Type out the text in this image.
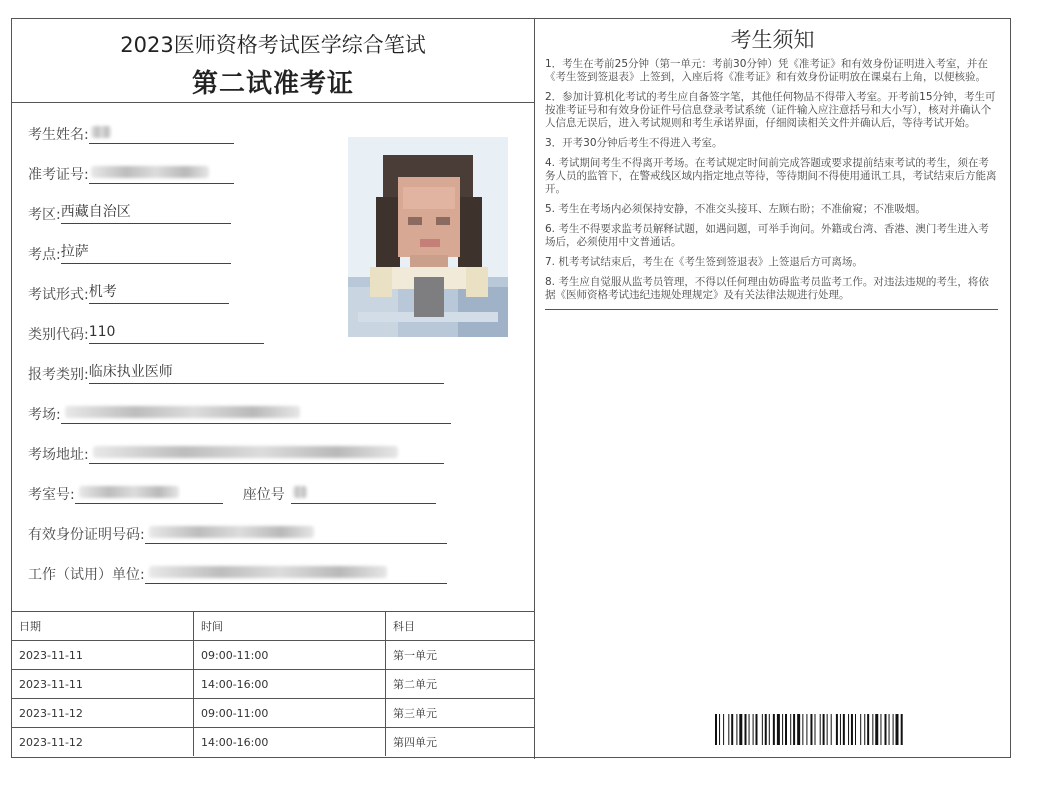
2023医师资格考试医学综合笔试
第二试准考证
考生姓名:
准考证号:
考区:西藏自治区
考点:拉萨
考试形式:机考
类别代码:110
报考类别:临床执业医师
考场:
考场地址:
考室号:	座位号
有效身份证明号码:
工作（试用）单位:
日期	时间	科目
2023-11-11	09:00-11:00	第一单元
2023-11-11	14:00-16:00	第二单元
2023-11-12	09:00-11:00	第三单元
2023-11-12	14:00-16:00	第四单元
考生须知

1．考生在考前25分钟（第一单元：考前30分钟）凭《准考证》和有效身份证明进入考室，并在《考生签到签退表》上签到，入座后将《准考证》和有效身份证明放在课桌右上角，以便核验。

2．参加计算机化考试的考生应自备签字笔，其他任何物品不得带入考室。开考前15分钟，考生可按准考证号和有效身份证件号信息登录考试系统（证件输入应注意括号和大小写），核对并确认个人信息无误后，进入考试规则和考生承诺界面，仔细阅读相关文件并确认后，等待考试开始。

3．开考30分钟后考生不得进入考室。

4. 考试期间考生不得离开考场。在考试规定时间前完成答题或要求提前结束考试的考生，须在考务人员的监管下，在警戒线区域内指定地点等待，等待期间不得使用通讯工具，考试结束后方能离开。

5. 考生在考场内必须保持安静，不准交头接耳、左顾右盼；不准偷窥；不准吸烟。

6. 考生不得要求监考员解释试题，如遇问题，可举手询问。外籍或台湾、香港、澳门考生进入考场后，必须使用中文普通话。

7. 机考考试结束后，考生在《考生签到签退表》上签退后方可离场。

8. 考生应自觉服从监考员管理，不得以任何理由妨碍监考员监考工作。对违法违规的考生，将依据《医师资格考试违纪违规处理规定》及有关法律法规进行处理。
